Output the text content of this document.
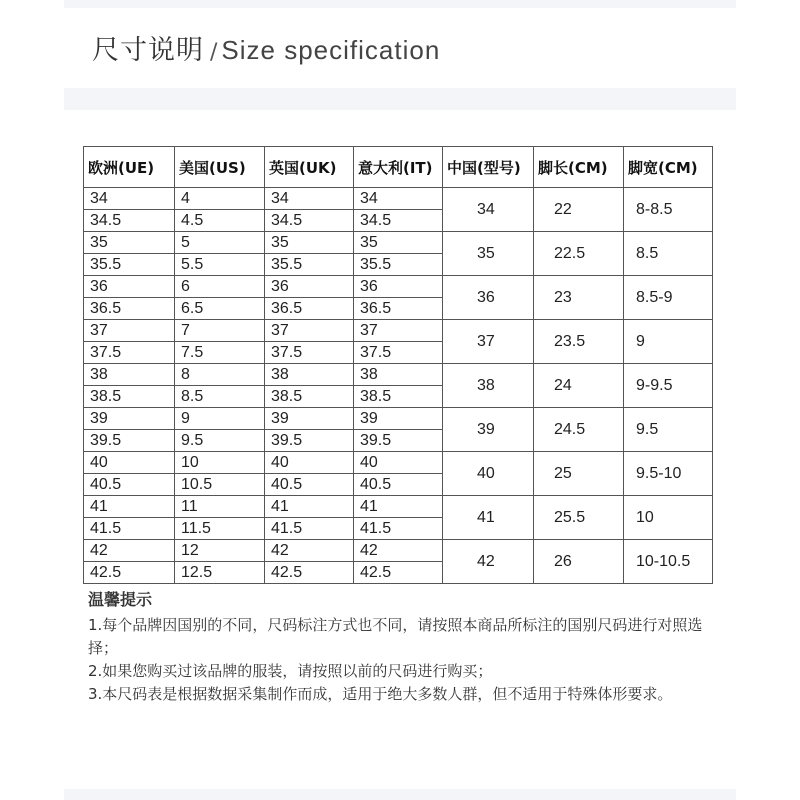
尺寸说明 / Size specification
欧洲(UE)	美国(US)	英国(UK)	意大利(IT)	中国(型号)	脚长(CM)	脚宽(CM)
34	4	34	34	34	22	8-8.5
34.5	4.5	34.5	34.5			
35	5	35	35	35	22.5	8.5
35.5	5.5	35.5	35.5			
36	6	36	36	36	23	8.5-9
36.5	6.5	36.5	36.5			
37	7	37	37	37	23.5	9
37.5	7.5	37.5	37.5			
38	8	38	38	38	24	9-9.5
38.5	8.5	38.5	38.5			
39	9	39	39	39	24.5	9.5
39.5	9.5	39.5	39.5			
40	10	40	40	40	25	9.5-10
40.5	10.5	40.5	40.5			
41	11	41	41	41	25.5	10
41.5	11.5	41.5	41.5			
42	12	42	42	42	26	10-10.5
42.5	12.5	42.5	42.5			
温馨提示

1.每个品牌因国别的不同，尺码标注方式也不同，请按照本商品所标注的国别尺码进行对照选择；

2.如果您购买过该品牌的服装，请按照以前的尺码进行购买；

3.本尺码表是根据数据采集制作而成，适用于绝大多数人群，但不适用于特殊体形要求。
